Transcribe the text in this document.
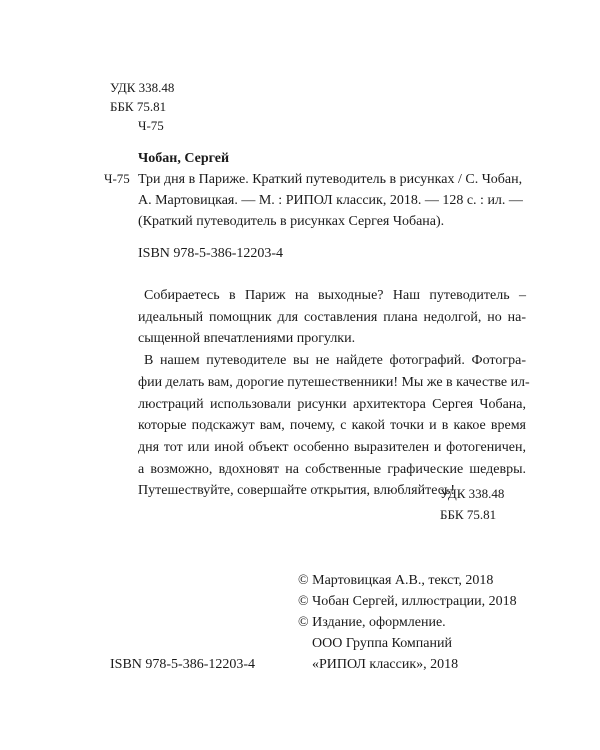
УДК 338.48
ББК 75.81
Ч-75
Чобан, Сергей
Ч-75 Три дня в Париже. Краткий путеводитель в рисунках / С. Чобан,
А. Мартовицкая. — М. : РИПОЛ классик, 2018. — 128 с. : ил. —
(Краткий путеводитель в рисунках Сергея Чобана).
ISBN 978-5-386-12203-4
Собираетесь в Париж на выходные? Наш путеводитель –
идеальный помощник для составления плана недолгой, но на-
сыщенной впечатлениями прогулки.
В нашем путеводителе вы не найдете фотографий. Фотогра-
фии делать вам, дорогие путешественники! Мы же в качестве ил-
люстраций использовали рисунки архитектора Сергея Чобана,
которые подскажут вам, почему, с какой точки и в какое время
дня тот или иной объект особенно выразителен и фотогеничен,
а возможно, вдохновят на собственные графические шедевры.
Путешествуйте, совершайте открытия, влюбляйтесь!
УДК 338.48
ББК 75.81
© Мартовицкая А.В., текст, 2018
© Чобан Сергей, иллюстрации, 2018
© Издание, оформление.
ООО Группа Компаний
«РИПОЛ классик», 2018
ISBN 978-5-386-12203-4
